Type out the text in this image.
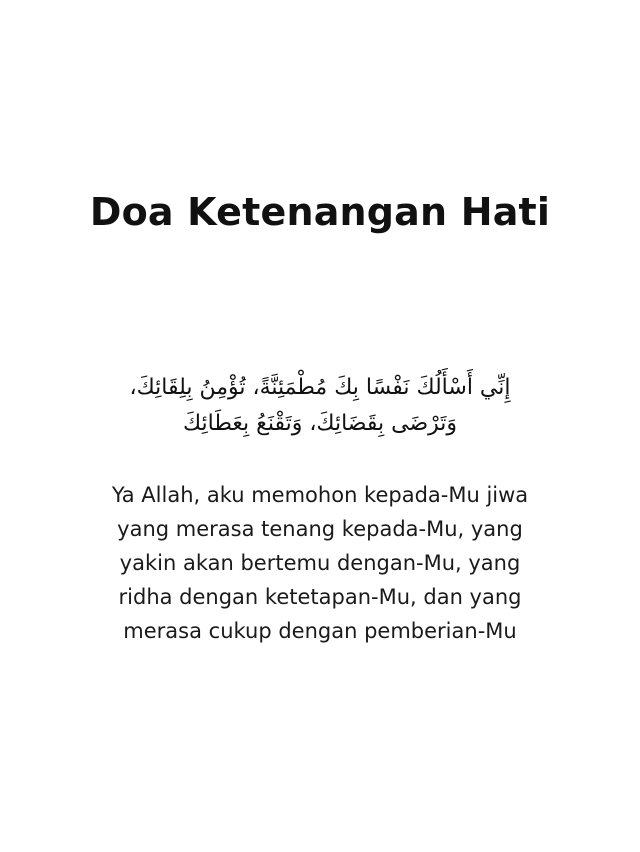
Doa Ketenangan Hati
إِنِّي أَسْأَلُكَ نَفْسًا بِكَ مُطْمَئِنَّةً، تُؤْمِنُ بِلِقَائِكَ،
وَتَرْضَى بِقَضَائِكَ، وَتَقْنَعُ بِعَطَائِكَ
Ya Allah, aku memohon kepada-Mu jiwa
yang merasa tenang kepada-Mu, yang
yakin akan bertemu dengan-Mu, yang
ridha dengan ketetapan-Mu, dan yang
merasa cukup dengan pemberian-Mu
